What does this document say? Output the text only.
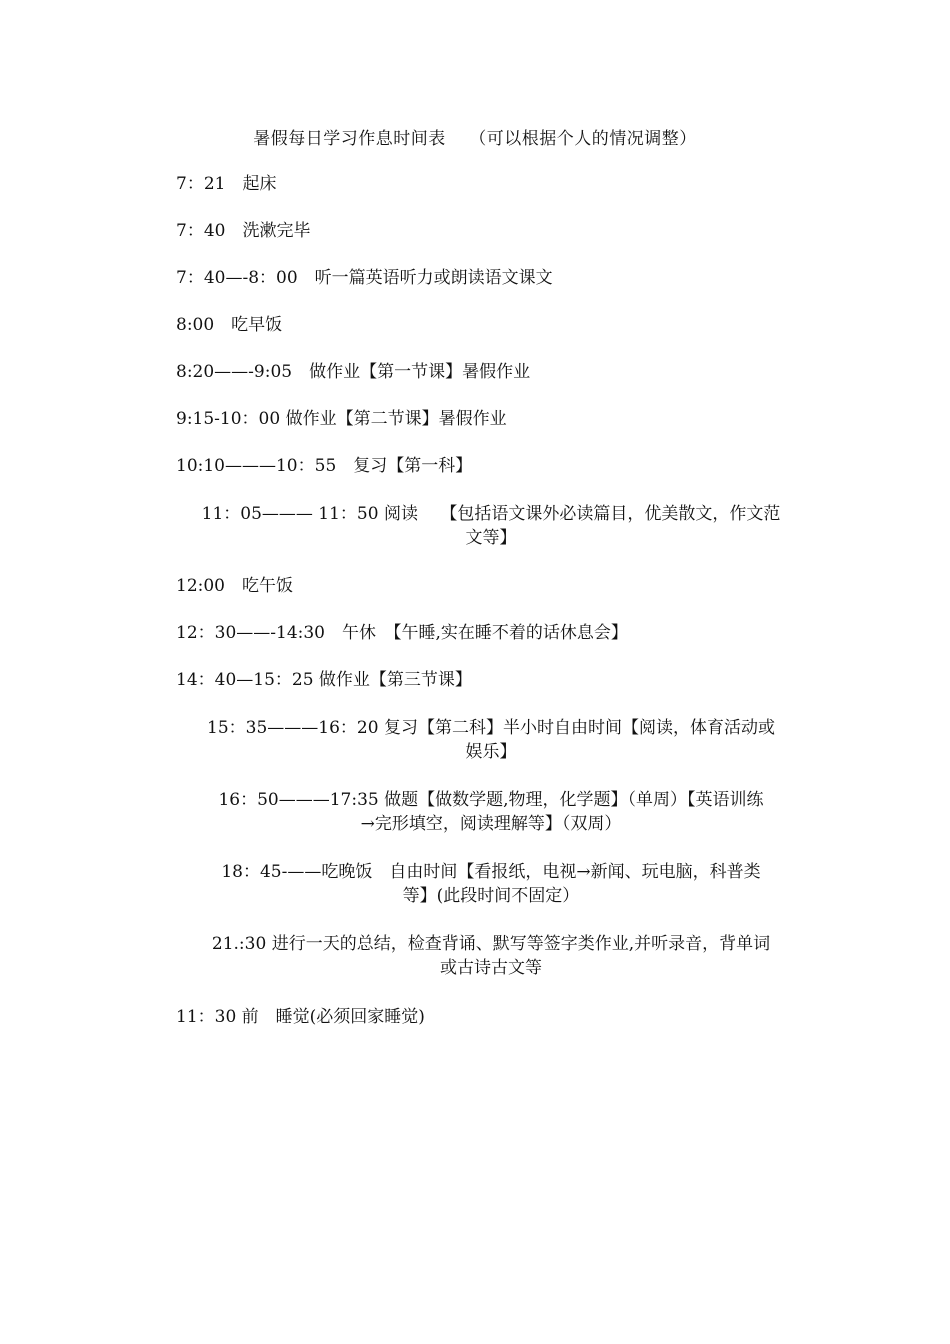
暑假每日学习作息时间表　 （可以根据个人的情况调整）
7：21　起床
7：40　洗漱完毕
7：40—-8：00　听一篇英语听力或朗读语文课文
8:00　吃早饭
8:20——-9:05　做作业【第一节课】暑假作业
9:15-10：00 做作业【第二节课】暑假作业
10:10———10：55　复习【第一科】
11：05——— 11：50 阅读　 【包括语文课外必读篇目，优美散文，作文范
文等】
12:00　吃午饭
12：30——-14:30　午休　【午睡,实在睡不着的话休息会】
14：40—15：25 做作业【第三节课】
15：35———16：20 复习【第二科】半小时自由时间【阅读，体育活动或
娱乐】
16：50———17:35 做题【做数学题,物理，化学题】（单周）【英语训练
→完形填空，阅读理解等】（双周）
18：45-——吃晚饭　自由时间【看报纸，电视→新闻、玩电脑，科普类
等】(此段时间不固定）
21.:30 进行一天的总结，检查背诵、默写等签字类作业,并听录音，背单词
或古诗古文等
11：30 前　睡觉(必须回家睡觉)
